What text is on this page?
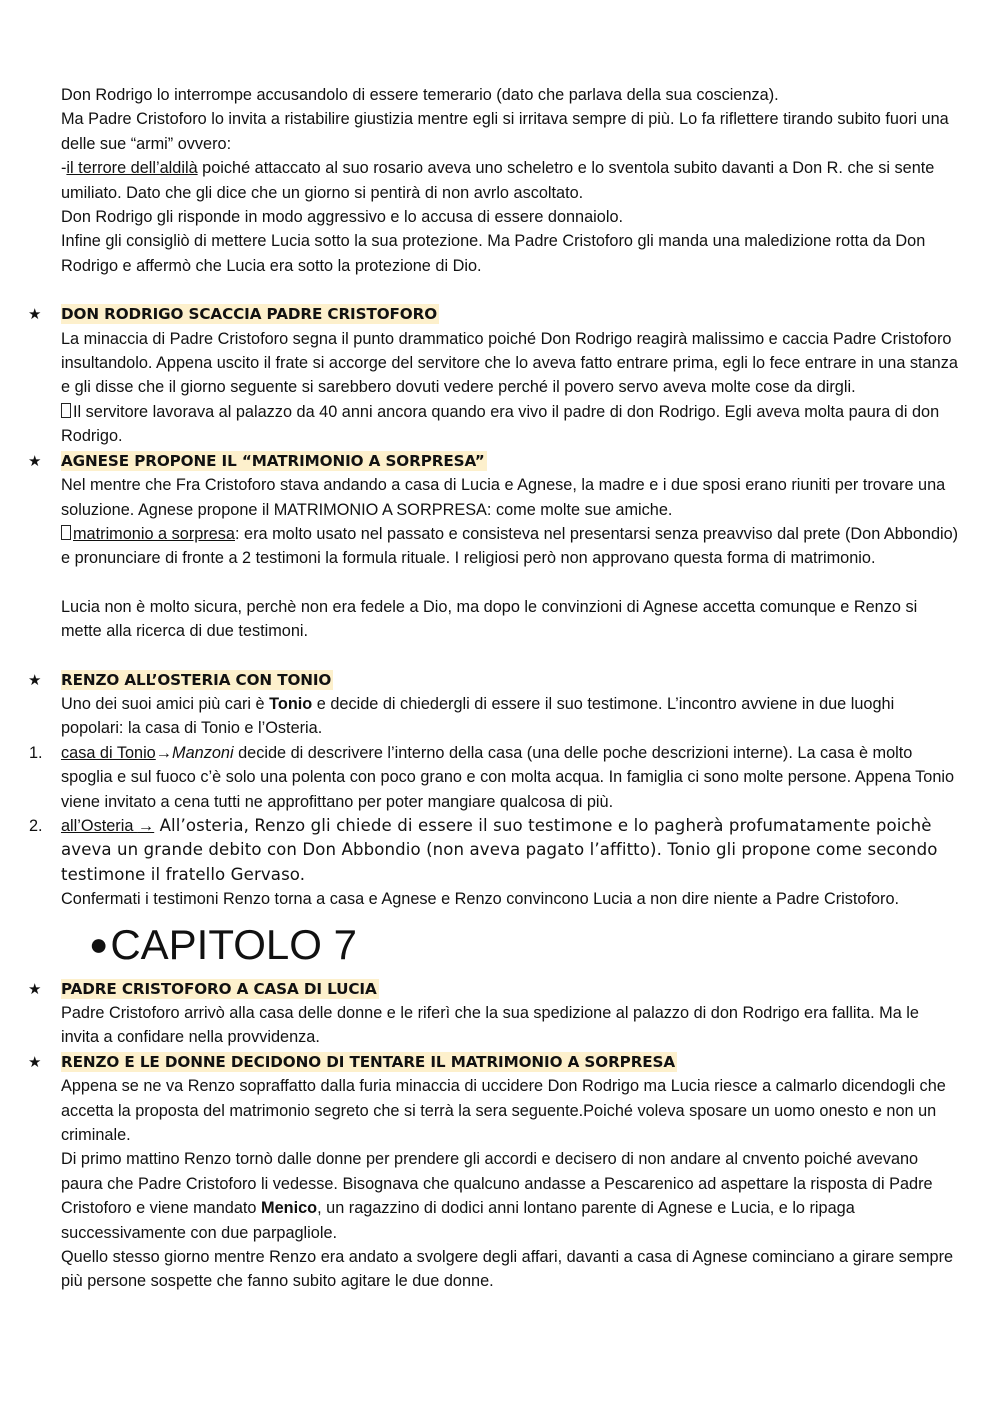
Don Rodrigo lo interrompe accusandolo di essere temerario (dato che parlava della sua coscienza).

Ma Padre Cristoforo lo invita a ristabilire giustizia mentre egli si irritava sempre di più. Lo fa riflettere tirando subito fuori una delle sue “armi” ovvero:

-il terrore dell’aldilà poiché attaccato al suo rosario aveva uno scheletro e lo sventola subito davanti a Don R. che si sente umiliato. Dato che gli dice che un giorno si pentirà di non avrlo ascoltato.

Don Rodrigo gli risponde in modo aggressivo e lo accusa di essere donnaiolo.

Infine gli consigliò di mettere Lucia sotto la sua protezione. Ma Padre Cristoforo gli manda una maledizione rotta da Don Rodrigo e affermò che Lucia era sotto la protezione di Dio.

★ DON RODRIGO SCACCIA PADRE CRISTOFORO

La minaccia di Padre Cristoforo segna il punto drammatico poiché Don Rodrigo reagirà malissimo e caccia Padre Cristoforo insultandolo. Appena uscito il frate si accorge del servitore che lo aveva fatto entrare prima, egli lo fece entrare in una stanza e gli disse che il giorno seguente si sarebbero dovuti vedere perché il povero servo aveva molte cose da dirgli.

Il servitore lavorava al palazzo da 40 anni ancora quando era vivo il padre di don Rodrigo. Egli aveva molta paura di don Rodrigo.

★ AGNESE PROPONE IL “MATRIMONIO A SORPRESA”

Nel mentre che Fra Cristoforo stava andando a casa di Lucia e Agnese, la madre e i due sposi erano riuniti per trovare una soluzione. Agnese propone il MATRIMONIO A SORPRESA: come molte sue amiche.

matrimonio a sorpresa: era molto usato nel passato e consisteva nel presentarsi senza preavviso dal prete (Don Abbondio) e pronunciare di fronte a 2 testimoni la formula rituale. I religiosi però non approvano questa forma di matrimonio.

Lucia non è molto sicura, perchè non era fedele a Dio, ma dopo le convinzioni di Agnese accetta comunque e Renzo si mette alla ricerca di due testimoni.

★ RENZO ALL’OSTERIA CON TONIO

Uno dei suoi amici più cari è Tonio e decide di chiedergli di essere il suo testimone. L’incontro avviene in due luoghi popolari: la casa di Tonio e l’Osteria.

1. casa di Tonio→Manzoni decide di descrivere l’interno della casa (una delle poche descrizioni interne). La casa è molto spoglia e sul fuoco c’è solo una polenta con poco grano e con molta acqua. In famiglia ci sono molte persone. Appena Tonio viene invitato a cena tutti ne approfittano per poter mangiare qualcosa di più.

2. all’Osteria → All’osteria, Renzo gli chiede di essere il suo testimone e lo pagherà profumatamente poichè aveva un grande debito con Don Abbondio (non aveva pagato l’affitto). Tonio gli propone come secondo testimone il fratello Gervaso.

Confermati i testimoni Renzo torna a casa e Agnese e Renzo convincono Lucia a non dire niente a Padre Cristoforo.

●CAPITOLO 7
★ PADRE CRISTOFORO A CASA DI LUCIA

Padre Cristoforo arrivò alla casa delle donne e le riferì che la sua spedizione al palazzo di don Rodrigo era fallita. Ma le invita a confidare nella provvidenza.

★ RENZO E LE DONNE DECIDONO DI TENTARE IL MATRIMONIO A SORPRESA

Appena se ne va Renzo sopraffatto dalla furia minaccia di uccidere Don Rodrigo ma Lucia riesce a calmarlo dicendogli che accetta la proposta del matrimonio segreto che si terrà la sera seguente.Poiché voleva sposare un uomo onesto e non un criminale.

Di primo mattino Renzo tornò dalle donne per prendere gli accordi e decisero di non andare al cnvento poiché avevano paura che Padre Cristoforo li vedesse. Bisognava che qualcuno andasse a Pescarenico ad aspettare la risposta di Padre Cristoforo e viene mandato Menico, un ragazzino di dodici anni lontano parente di Agnese e Lucia, e lo ripaga successivamente con due parpagliole.

Quello stesso giorno mentre Renzo era andato a svolgere degli affari, davanti a casa di Agnese cominciano a girare sempre più persone sospette che fanno subito agitare le due donne.
